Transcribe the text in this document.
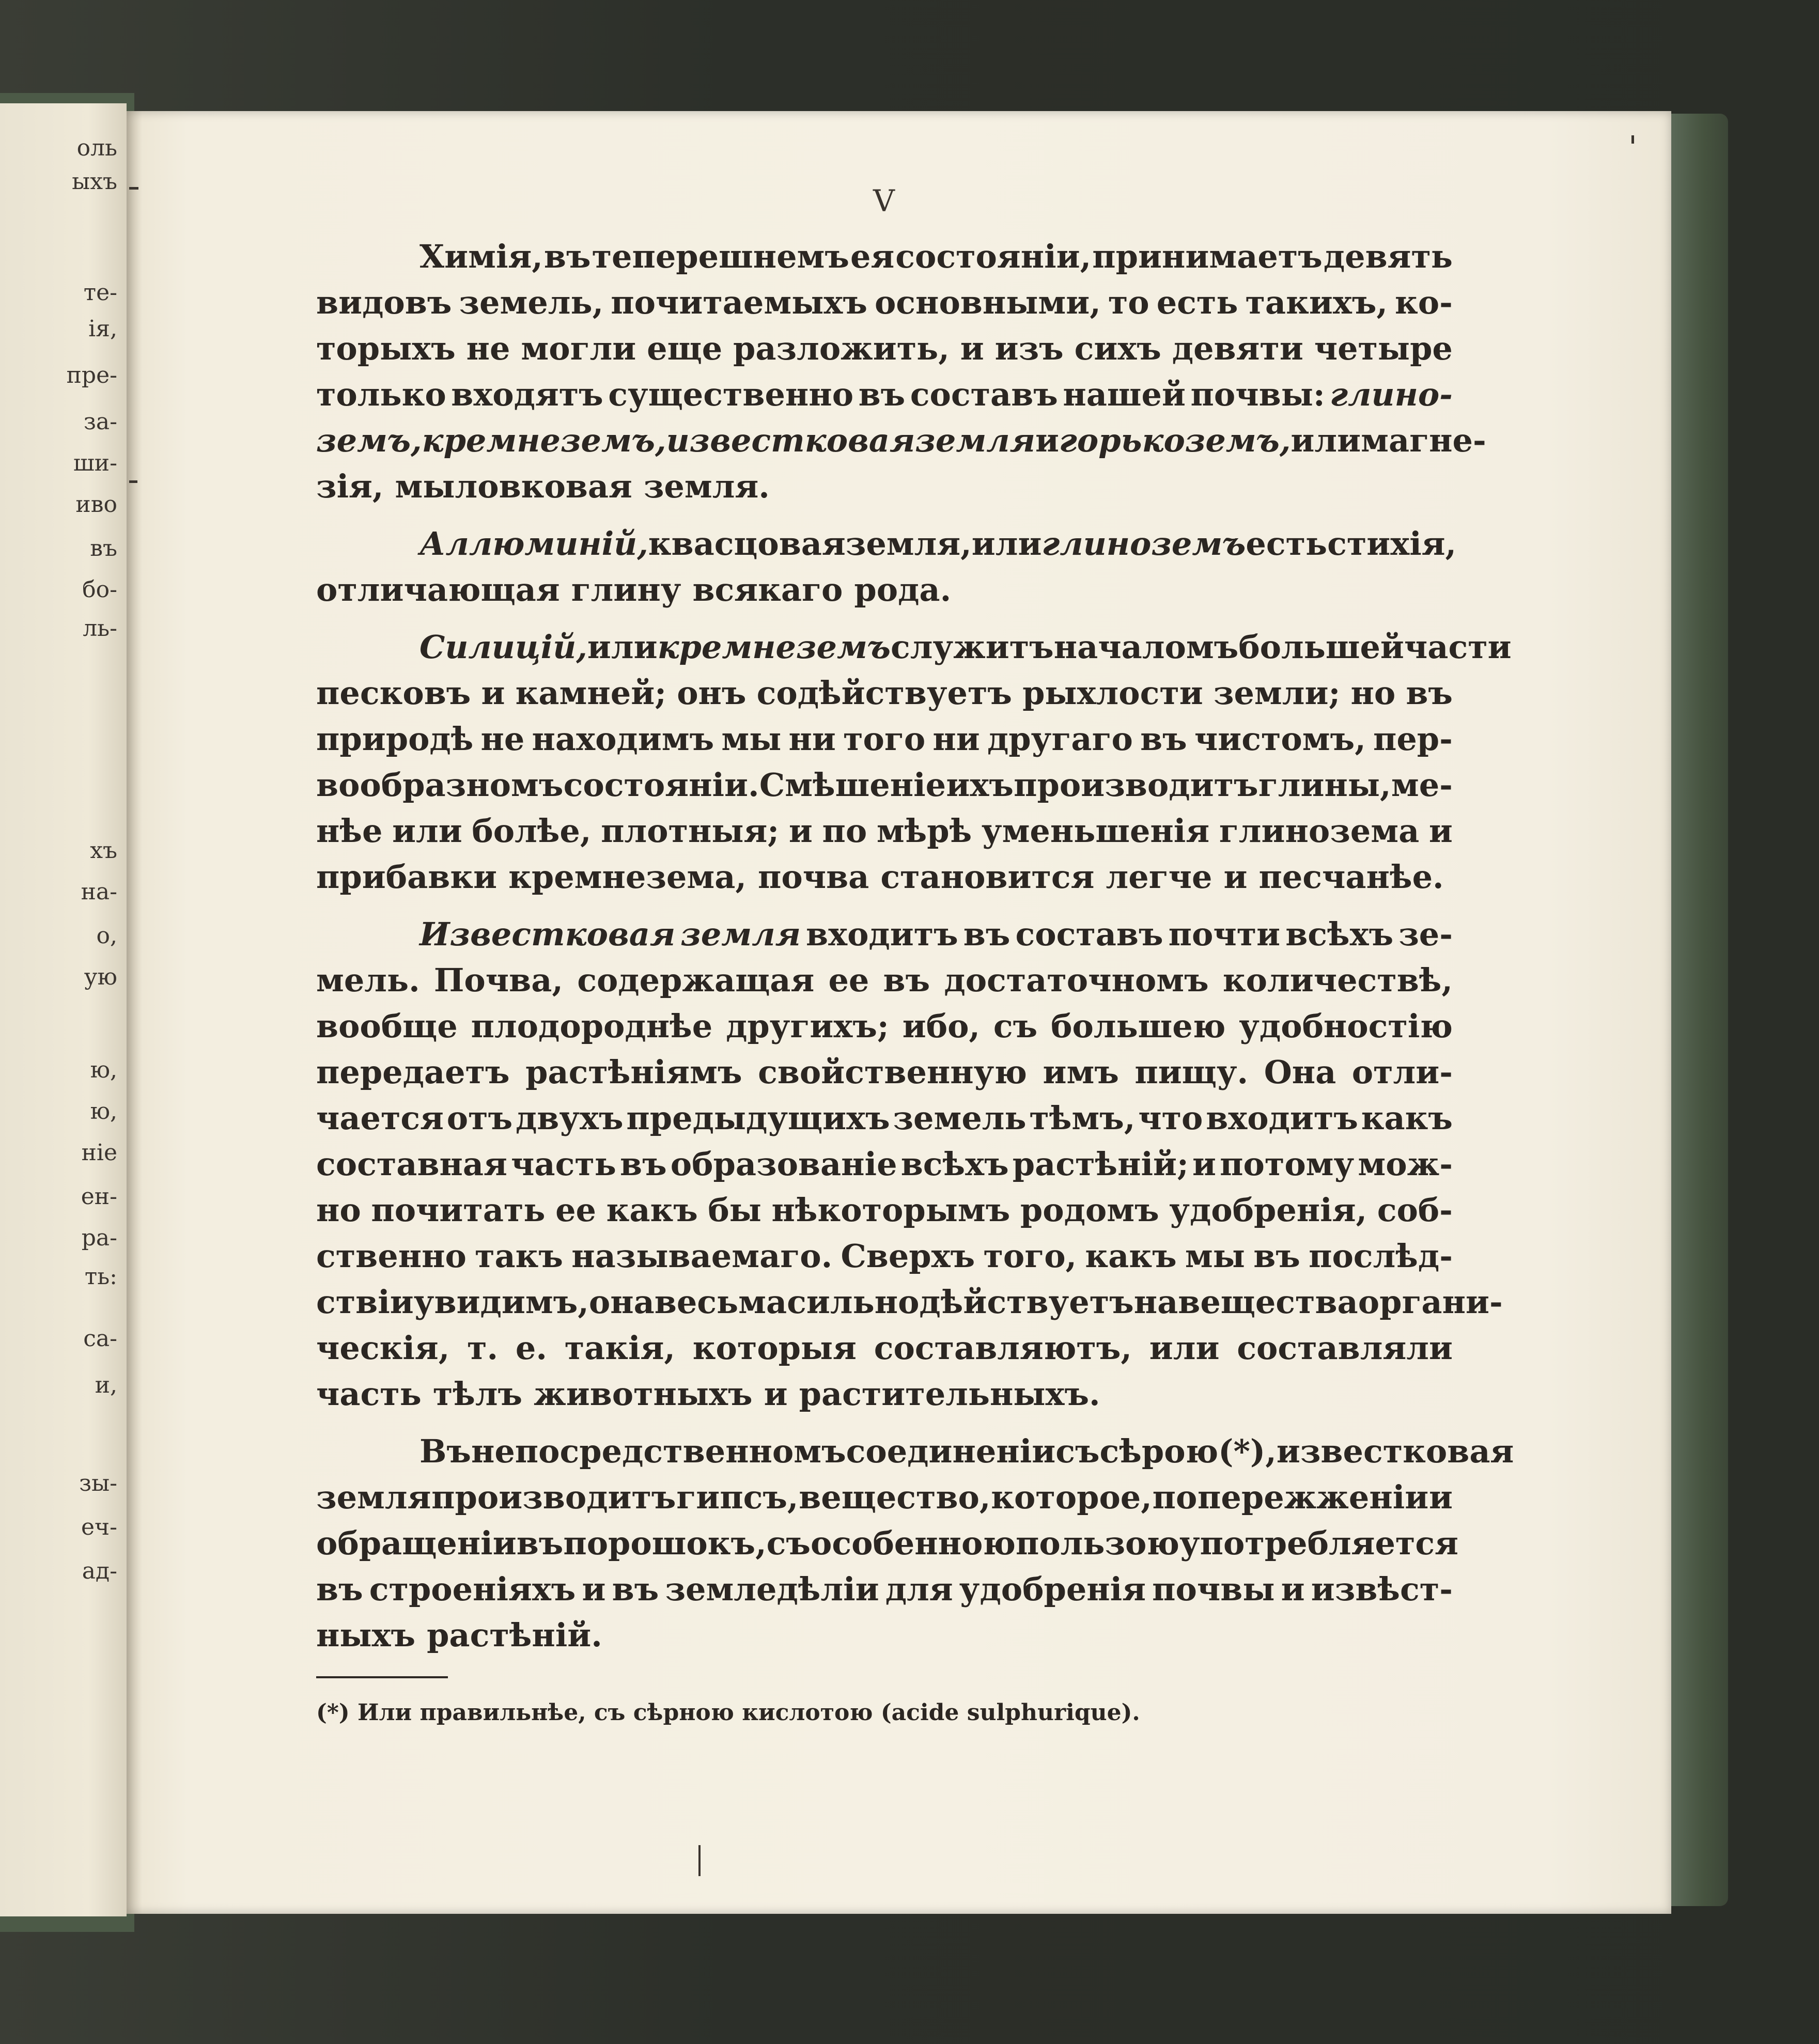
оль
ыхъ
те-
ія,
пре-
за-
ши-
иво
въ
бо-
ль-
хъ
на-
о,
ую
ю,
ю,
ніе
ен-
ра-
ть:
са-
и,
зы-
еч-
ад-
V
Химія, въ теперешнемъ ея состояніи, принимаетъ девять
видовъ земель, почитаемыхъ основными, то есть такихъ, ко-
торыхъ не могли еще разложить, и изъ сихъ девяти четыре
только входятъ существенно въ составъ нашей почвы: глино-
земъ, кремнеземъ, известковая земля и горькоземъ, или магне-
зія, мыловковая земля.
Аллюминій, квасцовая земля, или глиноземъ есть стихія,
отличающая глину всякаго рода.
Силицій, или кремнеземъ служитъ началомъ большей части
песковъ и камней; онъ содѣйствуетъ рыхлости земли; но въ
природѣ не находимъ мы ни того ни другаго въ чистомъ, пер-
вообразномъ состояніи. Смѣшеніе ихъ производитъ глины, ме-
нѣе или болѣе, плотныя; и по мѣрѣ уменьшенія глинозема и
прибавки кремнезема, почва становится легче и песчанѣе.
Известковая земля входитъ въ составъ почти всѣхъ зе-
мель. Почва, содержащая ее въ достаточномъ количествѣ,
вообще плодороднѣе другихъ; ибо, съ большею удобностію
передаетъ растѣніямъ свойственную имъ пищу. Она отли-
чается отъ двухъ предыдущихъ земель тѣмъ, что входитъ какъ
составная часть въ образованіе всѣхъ растѣній; и потому мож-
но почитать ее какъ бы нѣкоторымъ родомъ удобренія, соб-
ственно такъ называемаго. Сверхъ того, какъ мы въ послѣд-
ствіи увидимъ, она весьма сильно дѣйствуетъ на вещества органи-
ческія, т. е. такія, которыя составляютъ, или составляли
часть тѣлъ животныхъ и растительныхъ.
Въ непосредственномъ соединеніи съ сѣрою (*), известковая
земля производитъ гипсъ, вещество, которое, по пережженіи и
обращеніи въ порошокъ, съ особенною пользою употребляется
въ строеніяхъ и въ земледѣліи для удобренія почвы и извѣст-
ныхъ растѣній.
(*) Или правильнѣе, съ сѣрною кислотою (acide sulphurique).
